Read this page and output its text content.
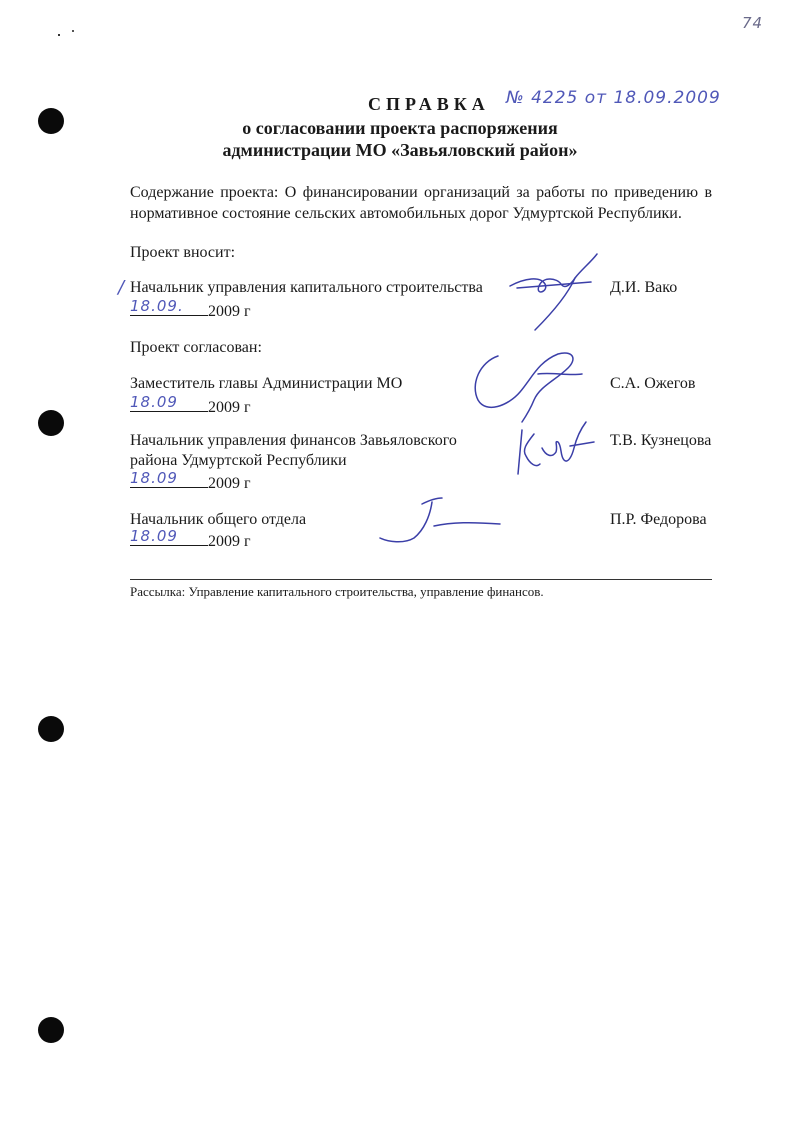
74
СПРАВКА № 4225 от 18.09.2009
о согласовании проекта распоряжения
администрации МО «Завьяловский район»
Содержание проекта: О финансировании организаций за работы по приведению в нормативное состояние сельских автомобильных дорог Удмуртской Республики.
Проект вносит:
/ Начальник управления капитального строительства	Д.И. Вако
18.09. 2009 г
Проект согласован:
Заместитель главы Администрации МО	С.А. Ожегов
18.09 2009 г
Начальник управления финансов Завьяловского
района Удмуртской Республики
Т.В. Кузнецова
18.09 2009 г
Начальник общего отдела	П.Р. Федорова
18.09 2009 г
Рассылка: Управление капитального строительства, управление финансов.
